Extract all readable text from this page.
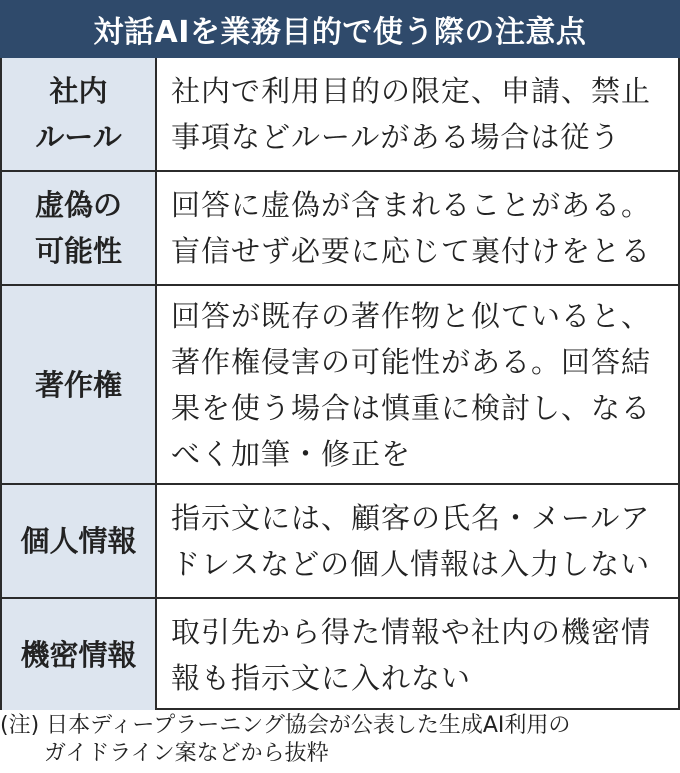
対話AIを業務目的で使う際の注意点
社内
ルール
社内で利用目的の限定、申請、禁止事項などルールがある場合は従う
虚偽の
可能性
回答に虚偽が含まれることがある。盲信せず必要に応じて裏付けをとる
著作権
回答が既存の著作物と似ていると、著作権侵害の可能性がある。回答結果を使う場合は慎重に検討し、なるべく加筆・修正を
個人情報
指示文には、顧客の氏名・メールアドレスなどの個人情報は入力しない
機密情報
取引先から得た情報や社内の機密情報も指示文に入れない
(注) 日本ディープラーニング協会が公表した生成AI利用の
　　ガイドライン案などから抜粋
